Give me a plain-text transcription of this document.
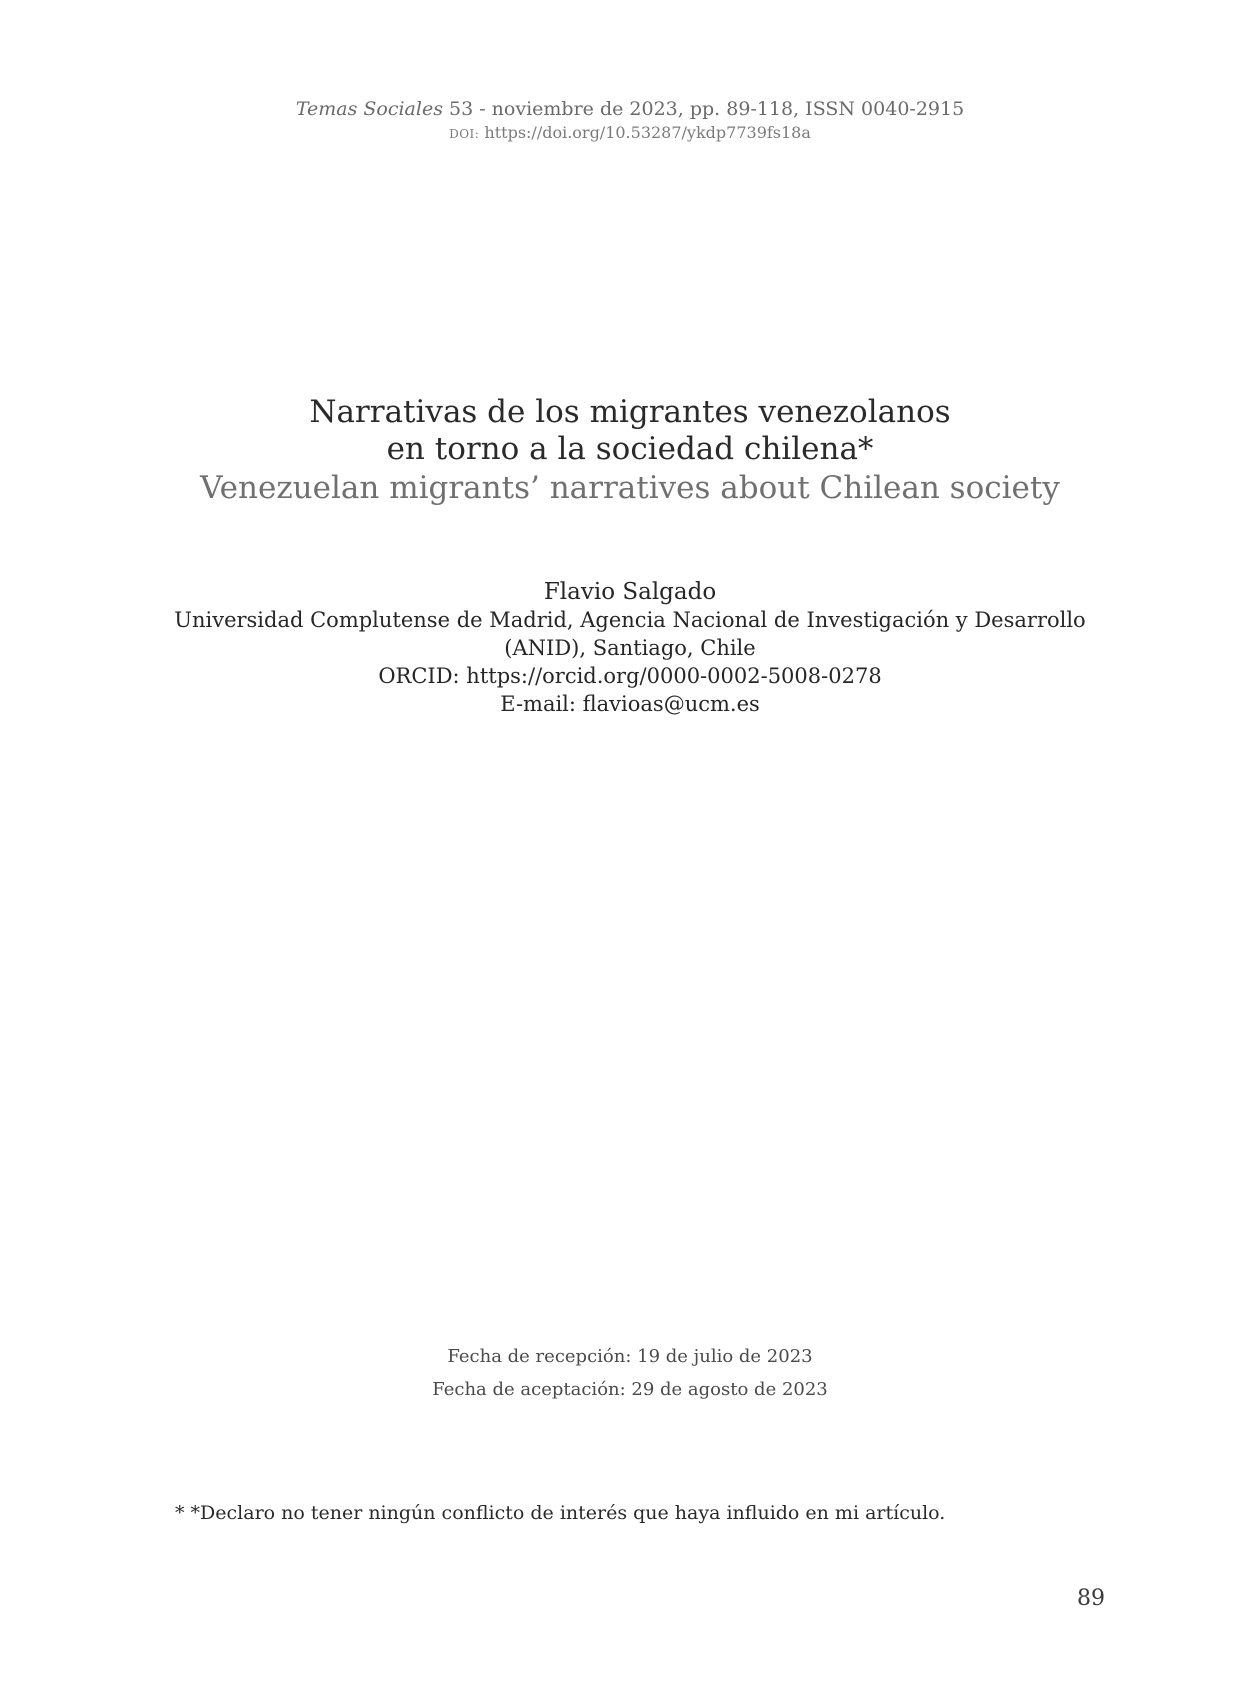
Temas Sociales 53 - noviembre de 2023, pp. 89-118, ISSN 0040-2915
DOI: https://doi.org/10.53287/ykdp7739fs18a
Narrativas de los migrantes venezolanos
en torno a la sociedad chilena*
Venezuelan migrants’ narratives about Chilean society
Flavio Salgado
Universidad Complutense de Madrid, Agencia Nacional de Investigación y Desarrollo
(ANID), Santiago, Chile
ORCID: https://orcid.org/0000-0002-5008-0278
E-mail: flavioas@ucm.es
Fecha de recepción: 19 de julio de 2023
Fecha de aceptación: 29 de agosto de 2023
* *Declaro no tener ningún conflicto de interés que haya influido en mi artículo.
89
